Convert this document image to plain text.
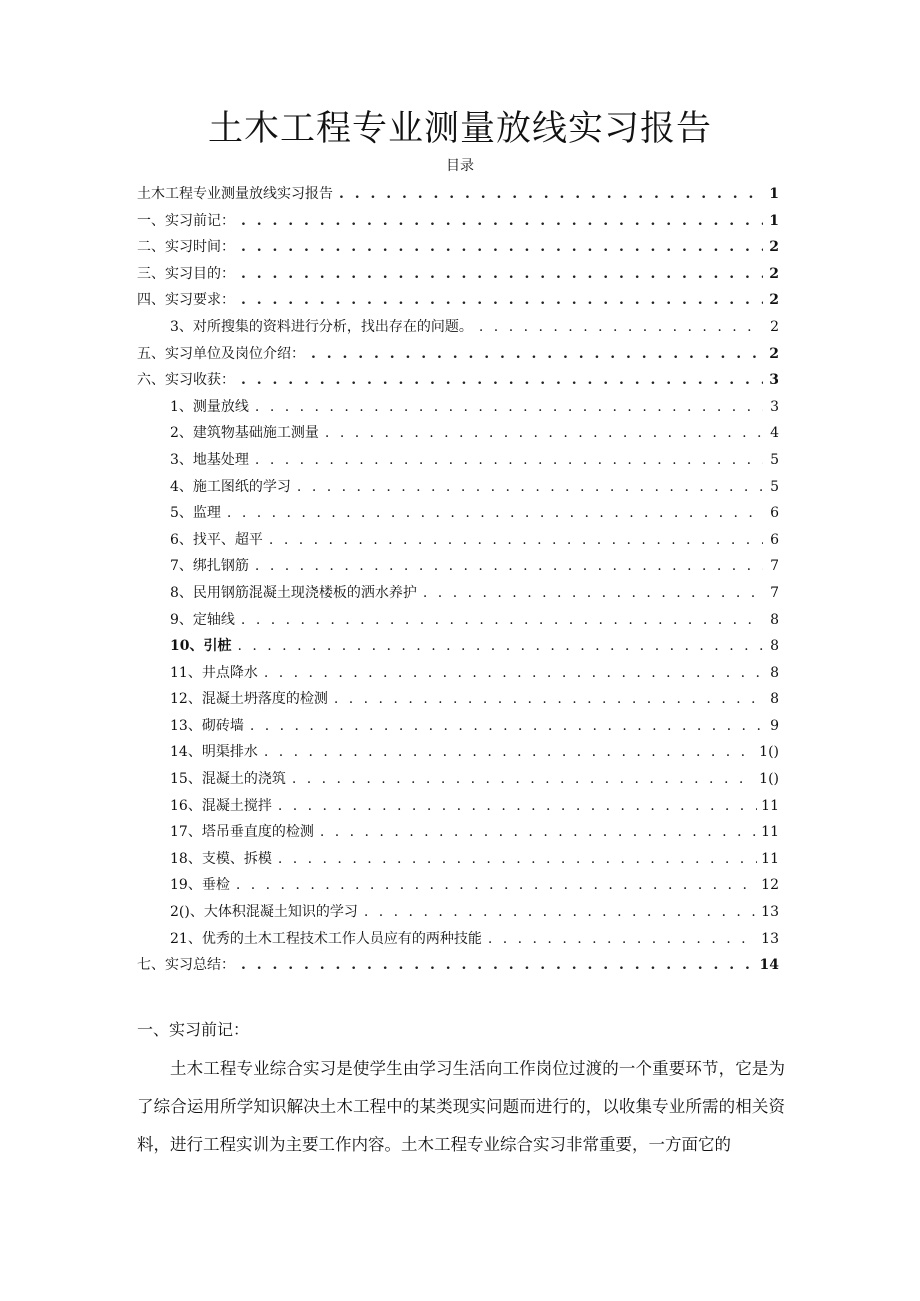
土木工程专业测量放线实习报告
目录
土木工程专业测量放线实习报告 . . .	1
一、实习前记： . . .	1
二、实习时间： . . .	2
三、实习目的： . . .	2
四、实习要求： . . .	2
3、对所搜集的资料进行分析，找出存在的问题。 . . .	2
五、实习单位及岗位介绍： . . .	2
六、实习收获： . . .	3
1、测量放线 . . .	3
2、建筑物基础施工测量 . . .	4
3、地基处理 . . .	5
4、施工图纸的学习 . . .	5
5、监理 . . .	6
6、找平、超平 . . .	6
7、绑扎钢筋 . . .	7
8、民用钢筋混凝土现浇楼板的洒水养护 . . .	7
9、定轴线 . . .	8
10、引桩 . . .	8
11、井点降水 . . .	8
12、混凝土坍落度的检测 . . .	8
13、砌砖墙 . . .	9
14、明渠排水 . . .	1()
15、混凝土的浇筑 . . .	1()
16、混凝土搅拌 . . .	11
17、塔吊垂直度的检测 . . .	11
18、支模、拆模 . . .	11
19、垂检 . . .	12
2()、大体积混凝土知识的学习 . . .	13
21、优秀的土木工程技术工作人员应有的两种技能 . . .	13
七、实习总结： . . .	14
一、实习前记：

土木工程专业综合实习是使学生由学习生活向工作岗位过渡的一个重要环节，它是为了综合运用所学知识解决土木工程中的某类现实问题而进行的，以收集专业所需的相关资料，进行工程实训为主要工作内容。土木工程专业综合实习非常重要，一方面它的
